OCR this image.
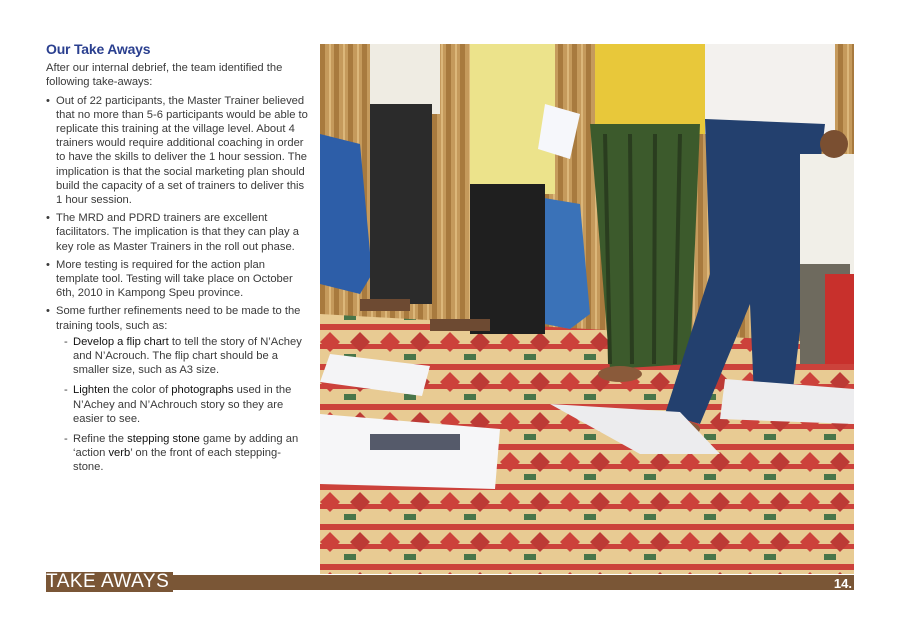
Our Take Aways
After our internal debrief, the team identified the following take-aways:
• Out of 22 participants, the Master Trainer believed that no more than 5-6 participants would be able to replicate this training at the village level. About 4 trainers would require additional coaching in order to have the skills to deliver the 1 hour session. The implication is that the social marketing plan should build the capacity of a set of trainers to deliver this 1 hour session.
• The MRD and PDRD trainers are excellent facilitators. The implication is that they can play a key role as Master Trainers in the roll out phase.
• More testing is required for the action plan template tool. Testing will take place on October 6th, 2010 in Kampong Speu province.
• Some further refinements need to be made to the training tools, such as:
- Develop a flip chart to tell the story of N’Achey and N’Acrouch. The flip chart should be a smaller size, such as A3 size.
- Lighten the color of photographs used in the N’Achey and N’Achrouch story so they are easier to see.
- Refine the stepping stone game by adding an ‘action verb’ on the front of each stepping-stone.
TAKE AWAYS	14.
